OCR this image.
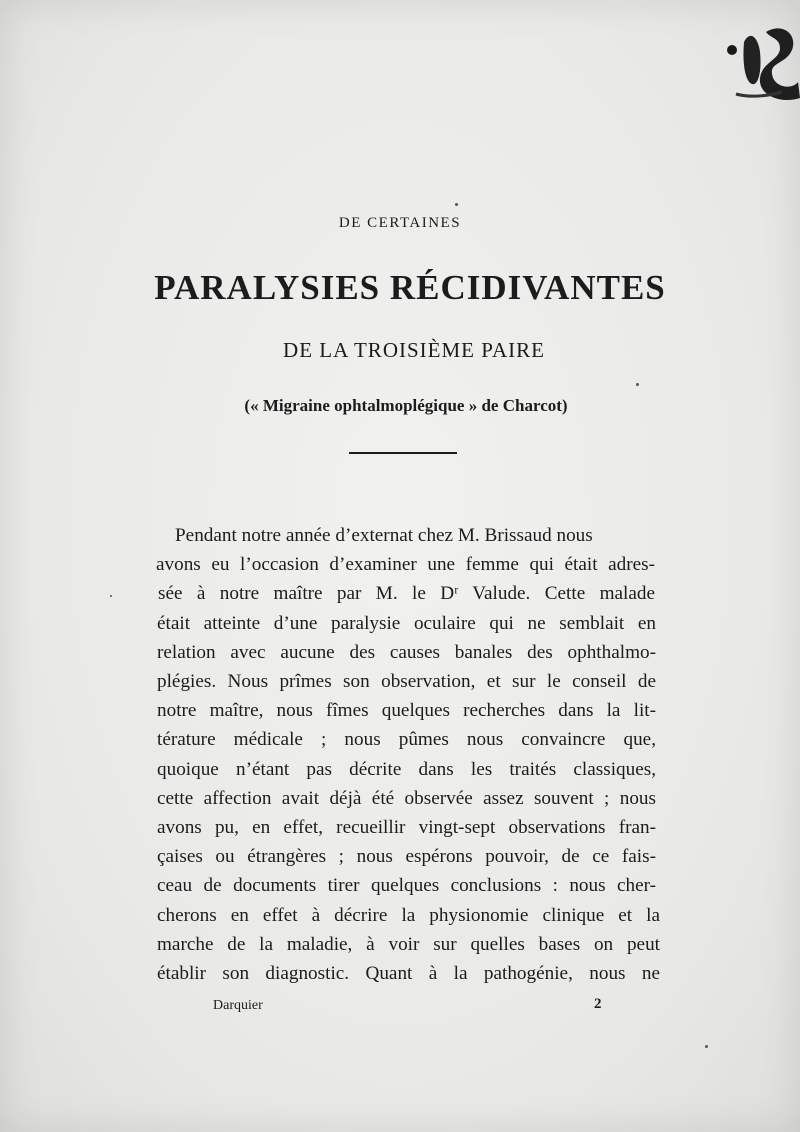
DE CERTAINES
PARALYSIES RÉCIDIVANTES
DE LA TROISIÈME PAIRE
(« Migraine ophtalmoplégique » de Charcot)
Pendant notre année d’externat chez M. Brissaud nous
avons eu l’occasion d’examiner une femme qui était adres-
sée à notre maître par M. le Dʳ Valude. Cette malade
était atteinte d’une paralysie oculaire qui ne semblait en
relation avec aucune des causes banales des ophthalmo-
plégies. Nous prîmes son observation, et sur le conseil de
notre maître, nous fîmes quelques recherches dans la lit-
térature médicale ; nous pûmes nous convaincre que,
quoique n’étant pas décrite dans les traités classiques,
cette affection avait déjà été observée assez souvent ; nous
avons pu, en effet, recueillir vingt-sept observations fran-
çaises ou étrangères ; nous espérons pouvoir, de ce fais-
ceau de documents tirer quelques conclusions : nous cher-
cherons en effet à décrire la physionomie clinique et la
marche de la maladie, à voir sur quelles bases on peut
établir son diagnostic. Quant à la pathogénie, nous ne
Darquier	2
